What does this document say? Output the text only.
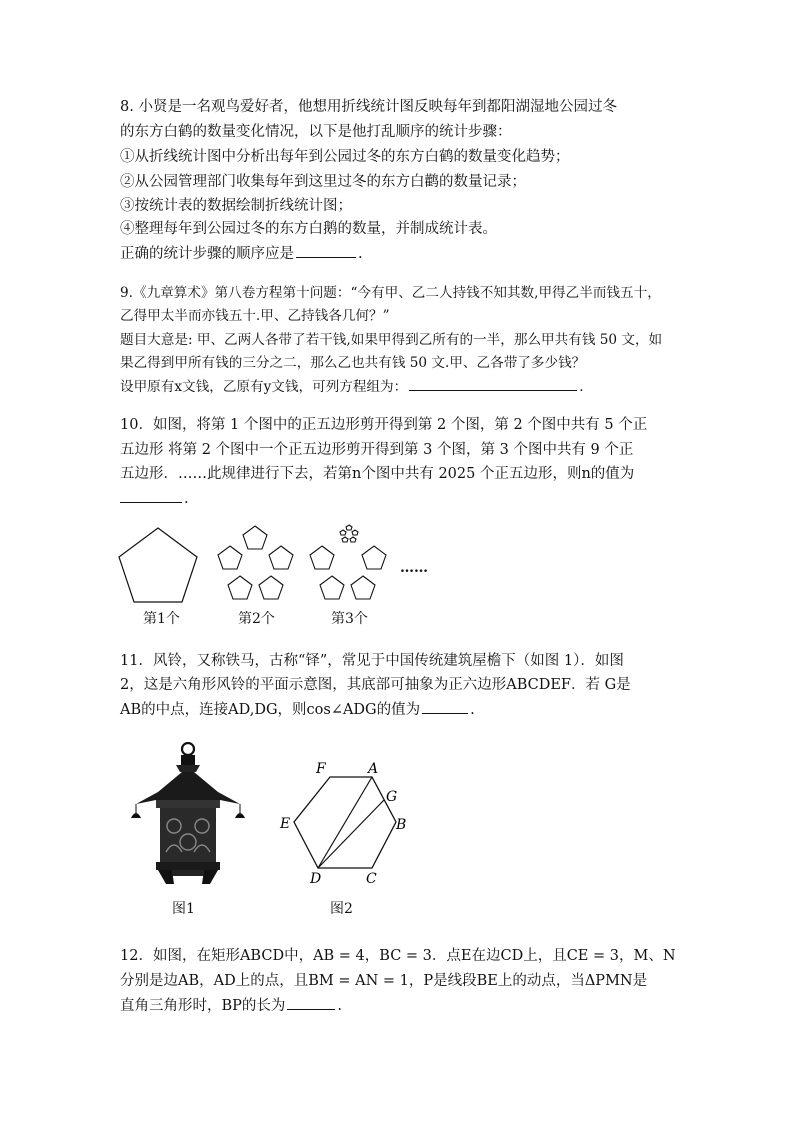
8. 小贤是一名观鸟爱好者，他想用折线统计图反映每年到都阳湖湿地公园过冬
的东方白鹤的数量变化情况，以下是他打乱顺序的统计步骤：
①从折线统计图中分析出每年到公园过冬的东方白鹤的数量变化趋势；
②从公园管理部门收集每年到这里过冬的东方白鹳的数量记录；
③按统计表的数据绘制折线统计图；
④整理每年到公园过冬的东方白鹅的数量，并制成统计表。
正确的统计步骤的顺序应是	.
9.《九章算术》第八卷方程第十问题：“今有甲、乙二人持钱不知其数,甲得乙半而钱五十，
乙得甲太半而亦钱五十.甲、乙持钱各几何？”
题目大意是: 甲、乙两人各带了若干钱,如果甲得到乙所有的一半，那么甲共有钱 50 文，如
果乙得到甲所有钱的三分之二，那么乙也共有钱 50 文.甲、乙各带了多少钱？
设甲原有x文钱，乙原有y文钱，可列方程组为：	.
10．如图，将第 1 个图中的正五边形剪开得到第 2 个图，第 2 个图中共有 5 个正
五边形 将第 2 个图中一个正五边形剪开得到第 3 个图，第 3 个图中共有 9 个正
五边形．……此规律进行下去，若第n个图中共有 2025 个正五边形，则n的值为
.
……
第1个	第2个	第3个
11．风铃，又称铁马，古称“铎”，常见于中国传统建筑屋檐下（如图 1）．如图
2，这是六角形风铃的平面示意图，其底部可抽象为正六边形ABCDEF．若 G是
AB的中点，连接AD,DG，则cos∠ADG的值为	.
图1
F	A
G
B
C
D
E
图2
12．如图，在矩形ABCD中，AB = 4，BC = 3．点E在边CD上，且CE = 3，M、N
分别是边AB，AD上的点，且BM = AN = 1，P是线段BE上的动点，当ΔPMN是
直角三角形时，BP的长为	.
